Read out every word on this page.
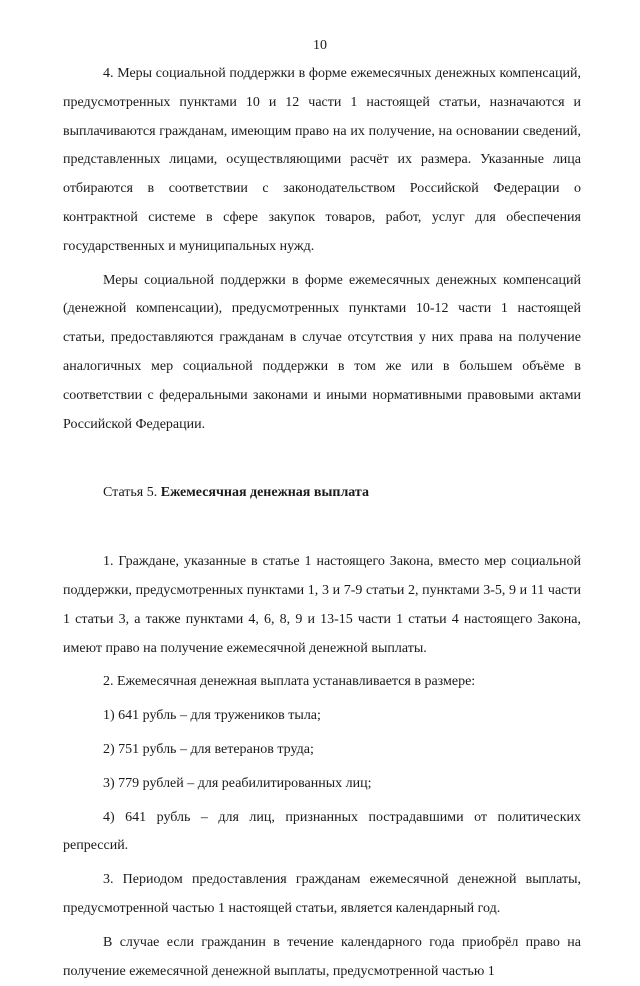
10

4. Меры социальной поддержки в форме ежемесячных денежных компенсаций, предусмотренных пунктами 10 и 12 части 1 настоящей статьи, назначаются и выплачиваются гражданам, имеющим право на их получение, на основании сведений, представленных лицами, осуществляющими расчёт их размера. Указанные лица отбираются в соответствии с законодательством Российской Федерации о контрактной системе в сфере закупок товаров, работ, услуг для обеспечения государственных и муниципальных нужд.

Меры социальной поддержки в форме ежемесячных денежных компенсаций (денежной компенсации), предусмотренных пунктами 10-12 части 1 настоящей статьи, предоставляются гражданам в случае отсутствия у них права на получение аналогичных мер социальной поддержки в том же или в большем объёме в соответствии с федеральными законами и иными нормативными правовыми актами Российской Федерации.

Статья 5. Ежемесячная денежная выплата

1. Граждане, указанные в статье 1 настоящего Закона, вместо мер социальной поддержки, предусмотренных пунктами 1, 3 и 7-9 статьи 2, пунктами 3-5, 9 и 11 части 1 статьи 3, а также пунктами 4, 6, 8, 9 и 13-15 части 1 статьи 4 настоящего Закона, имеют право на получение ежемесячной денежной выплаты.

2. Ежемесячная денежная выплата устанавливается в размере:

1) 641 рубль – для тружеников тыла;
2) 751 рубль – для ветеранов труда;
3) 779 рублей – для реабилитированных лиц;
4) 641 рубль – для лиц, признанных пострадавшими от политических репрессий.

3. Периодом предоставления гражданам ежемесячной денежной выплаты, предусмотренной частью 1 настоящей статьи, является календарный год.

В случае если гражданин в течение календарного года приобрёл право на получение ежемесячной денежной выплаты, предусмотренной частью 1
